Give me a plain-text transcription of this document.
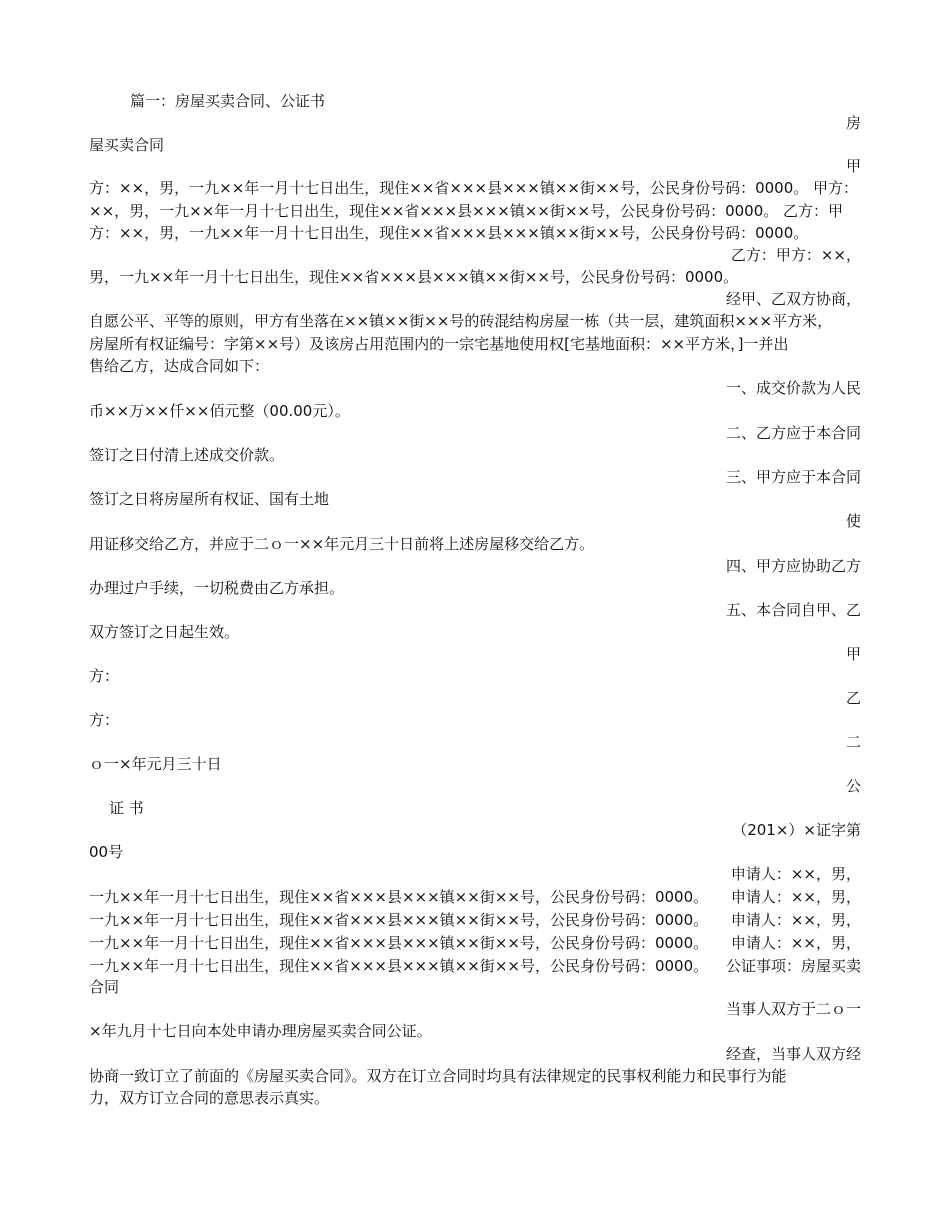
篇一：房屋买卖合同、公证书
房
屋买卖合同
甲
方：××，男，一九××年一月十七日出生，现住××省×××县×××镇××街××号，公民身份号码：0000。 甲方：
××，男，一九××年一月十七日出生，现住××省×××县×××镇××街××号，公民身份号码：0000。 乙方：甲
方：××，男，一九××年一月十七日出生，现住××省×××县×××镇××街××号，公民身份号码：0000。
乙方：甲方：××，
男，一九××年一月十七日出生，现住××省×××县×××镇××街××号，公民身份号码：0000。
经甲、乙双方协商，
自愿公平、平等的原则，甲方有坐落在××镇××街××号的砖混结构房屋一栋（共一层，建筑面积×××平方米，
房屋所有权证编号：字第××号）及该房占用范围内的一宗宅基地使用权[宅基地面积：××平方米，]一并出
售给乙方，达成合同如下：
一、成交价款为人民
币××万××仟××佰元整（00.00元）。
二、乙方应于本合同
签订之日付清上述成交价款。
三、甲方应于本合同
签订之日将房屋所有权证、国有土地
使
用证移交给乙方，并应于二ｏ一××年元月三十日前将上述房屋移交给乙方。
四、甲方应协助乙方
办理过户手续，一切税费由乙方承担。
五、本合同自甲、乙
双方签订之日起生效。
甲
方：
乙
方：
二
ｏ一×年元月三十日
公
证 书
（201×）×证字第
00号
申请人：××，男，
一九××年一月十七日出生，现住××省×××县×××镇××街××号，公民身份号码：0000。 申请人：××，男，
一九××年一月十七日出生，现住××省×××县×××镇××街××号，公民身份号码：0000。 申请人：××，男，
一九××年一月十七日出生，现住××省×××县×××镇××街××号，公民身份号码：0000。 申请人：××，男，
一九××年一月十七日出生，现住××省×××县×××镇××街××号，公民身份号码：0000。 公证事项：房屋买卖
合同
当事人双方于二ｏ一
×年九月十七日向本处申请办理房屋买卖合同公证。
经查，当事人双方经
协商一致订立了前面的《房屋买卖合同》。双方在订立合同时均具有法律规定的民事权利能力和民事行为能
力，双方订立合同的意思表示真实。
